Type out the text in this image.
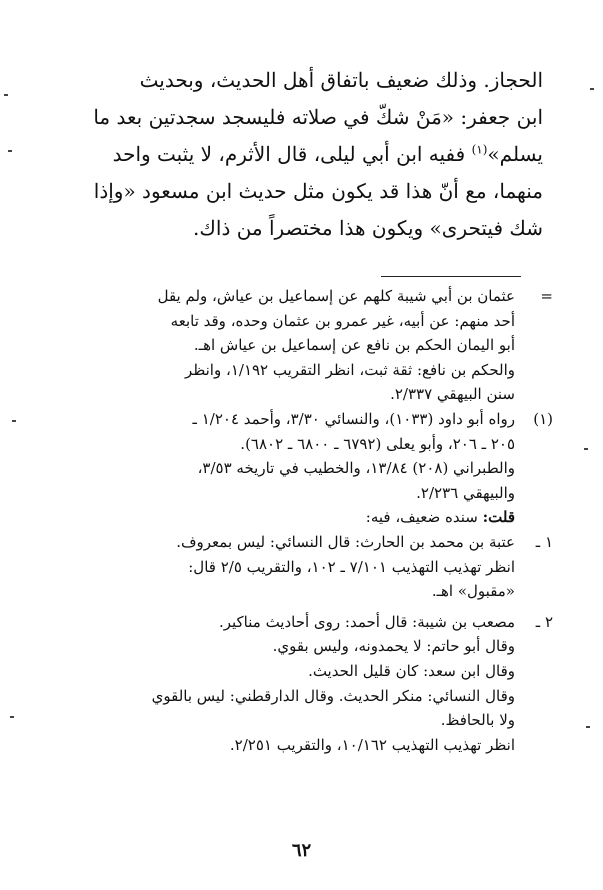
الحجاز. وذلك ضعيف باتفاق أهل الحديث، وبحديث

ابن جعفر: «مَنْ شكّ في صلاته فليسجد سجدتين بعد ما

يسلم»$^{(١)}$ ففيه ابن أبي ليلى، قال الأثرم، لا يثبت واحد

منهما، مع أنّ هذا قد يكون مثل حديث ابن مسعود «وإذا

شك فيتحرى» ويكون هذا مختصراً من ذاك.

=
عثمان بن أبي شيبة كلهم عن إسماعيل بن عياش، ولم يقل
أحد منهم: عن أبيه، غير عمرو بن عثمان وحده، وقد تابعه
أبو اليمان الحكم بن نافع عن إسماعيل بن عياش اهـ.
والحكم بن نافع: ثقة ثبت، انظر التقريب ١/١٩٢، وانظر
سنن البيهقي ٢/٣٣٧.
(١)
رواه أبو داود (١٠٣٣)، والنسائي ٣/٣٠، وأحمد ١/٢٠٤ ـ
٢٠٥ ـ ٢٠٦، وأبو يعلى (٦٧٩٢ ـ ٦٨٠٠ ـ ٦٨٠٢).
والطبراني (٢٠٨) ١٣/٨٤، والخطيب في تاريخه ٣/٥٣،
والبيهقي ٢/٢٣٦.
قلت: سنده ضعيف، فيه:
١ ـ
عتبة بن محمد بن الحارث: قال النسائي: ليس بمعروف.
انظر تهذيب التهذيب ٧/١٠١ ـ ١٠٢، والتقريب ٢/٥ قال:
«مقبول» اهـ.
٢ ـ
مصعب بن شيبة: قال أحمد: روى أحاديث مناكير.
وقال أبو حاتم: لا يحمدونه، وليس بقوي.
وقال ابن سعد: كان قليل الحديث.
وقال النسائي: منكر الحديث. وقال الدارقطني: ليس بالقوي
ولا بالحافظ.
انظر تهذيب التهذيب ١٠/١٦٢، والتقريب ٢/٢٥١.
٦٢
